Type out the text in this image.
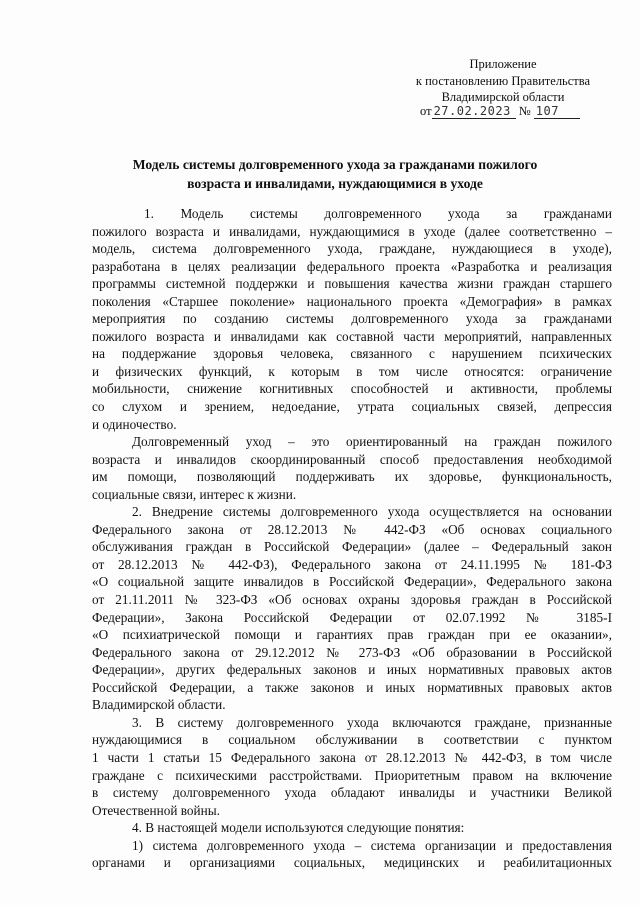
Приложение
к постановлению Правительства
Владимирской области
от 27.02.2023 № 107
Модель системы долговременного ухода за гражданами пожилого
возраста и инвалидами, нуждающимися в уходе
1. Модель системы долговременного ухода за гражданами
пожилого возраста и инвалидами, нуждающимися в уходе (далее соответственно –
модель, система долговременного ухода, граждане, нуждающиеся в уходе),
разработана в целях реализации федерального проекта «Разработка и реализация
программы системной поддержки и повышения качества жизни граждан старшего
поколения «Старшее поколение» национального проекта «Демография» в рамках
мероприятия по созданию системы долговременного ухода за гражданами
пожилого возраста и инвалидами как составной части мероприятий, направленных
на поддержание здоровья человека, связанного с нарушением психических
и физических функций, к которым в том числе относятся: ограничение
мобильности, снижение когнитивных способностей и активности, проблемы
со слухом и зрением, недоедание, утрата социальных связей, депрессия
и одиночество.
Долговременный уход – это ориентированный на граждан пожилого
возраста и инвалидов скоординированный способ предоставления необходимой
им помощи, позволяющий поддерживать их здоровье, функциональность,
социальные связи, интерес к жизни.
2. Внедрение системы долговременного ухода осуществляется на основании
Федерального закона от 28.12.2013 № 442-ФЗ «Об основах социального
обслуживания граждан в Российской Федерации» (далее – Федеральный закон
от 28.12.2013 № 442-ФЗ), Федерального закона от 24.11.1995 № 181-ФЗ
«О социальной защите инвалидов в Российской Федерации», Федерального закона
от 21.11.2011 № 323-ФЗ «Об основах охраны здоровья граждан в Российской
Федерации», Закона Российской Федерации от 02.07.1992 № 3185-I
«О психиатрической помощи и гарантиях прав граждан при ее оказании»,
Федерального закона от 29.12.2012 № 273-ФЗ «Об образовании в Российской
Федерации», других федеральных законов и иных нормативных правовых актов
Российской Федерации, а также законов и иных нормативных правовых актов
Владимирской области.
3. В систему долговременного ухода включаются граждане, признанные
нуждающимися в социальном обслуживании в соответствии с пунктом
1 части 1 статьи 15 Федерального закона от 28.12.2013 № 442-ФЗ, в том числе
граждане с психическими расстройствами. Приоритетным правом на включение
в систему долговременного ухода обладают инвалиды и участники Великой
Отечественной войны.
4. В настоящей модели используются следующие понятия:
1) система долговременного ухода – система организации и предоставления
органами и организациями социальных, медицинских и реабилитационных
